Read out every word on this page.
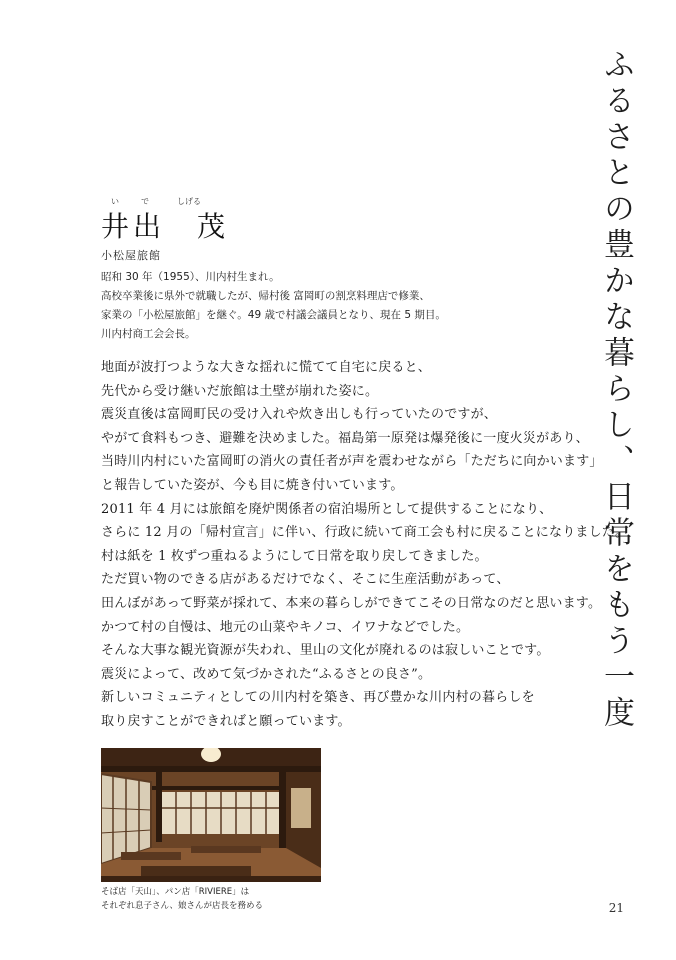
ふるさとの豊かな暮らし、
日常をもう一度
い	で	しげる
井出　茂
小松屋旅館
昭和 30 年（1955）、川内村生まれ。
高校卒業後に県外で就職したが、帰村後 富岡町の割烹料理店で修業、
家業の「小松屋旅館」を継ぐ。49 歳で村議会議員となり、現在 5 期目。
川内村商工会会長。
地面が波打つような大きな揺れに慌てて自宅に戻ると、
先代から受け継いだ旅館は土壁が崩れた姿に。
震災直後は富岡町民の受け入れや炊き出しも行っていたのですが、
やがて食料もつき、避難を決めました。福島第一原発は爆発後に一度火災があり、
当時川内村にいた富岡町の消火の責任者が声を震わせながら「ただちに向かいます」
と報告していた姿が、今も目に焼き付いています。
2011 年 4 月には旅館を廃炉関係者の宿泊場所として提供することになり、
さらに 12 月の「帰村宣言」に伴い、行政に続いて商工会も村に戻ることになりました。
村は紙を 1 枚ずつ重ねるようにして日常を取り戻してきました。
ただ買い物のできる店があるだけでなく、そこに生産活動があって、
田んぼがあって野菜が採れて、本来の暮らしができてこその日常なのだと思います。
かつて村の自慢は、地元の山菜やキノコ、イワナなどでした。
そんな大事な観光資源が失われ、里山の文化が廃れるのは寂しいことです。
震災によって、改めて気づかされた“ふるさとの良さ”。
新しいコミュニティとしての川内村を築き、再び豊かな川内村の暮らしを
取り戻すことができればと願っています。
そば店「天山」、パン店「RIVIERE」は
それぞれ息子さん、娘さんが店長を務める	21
